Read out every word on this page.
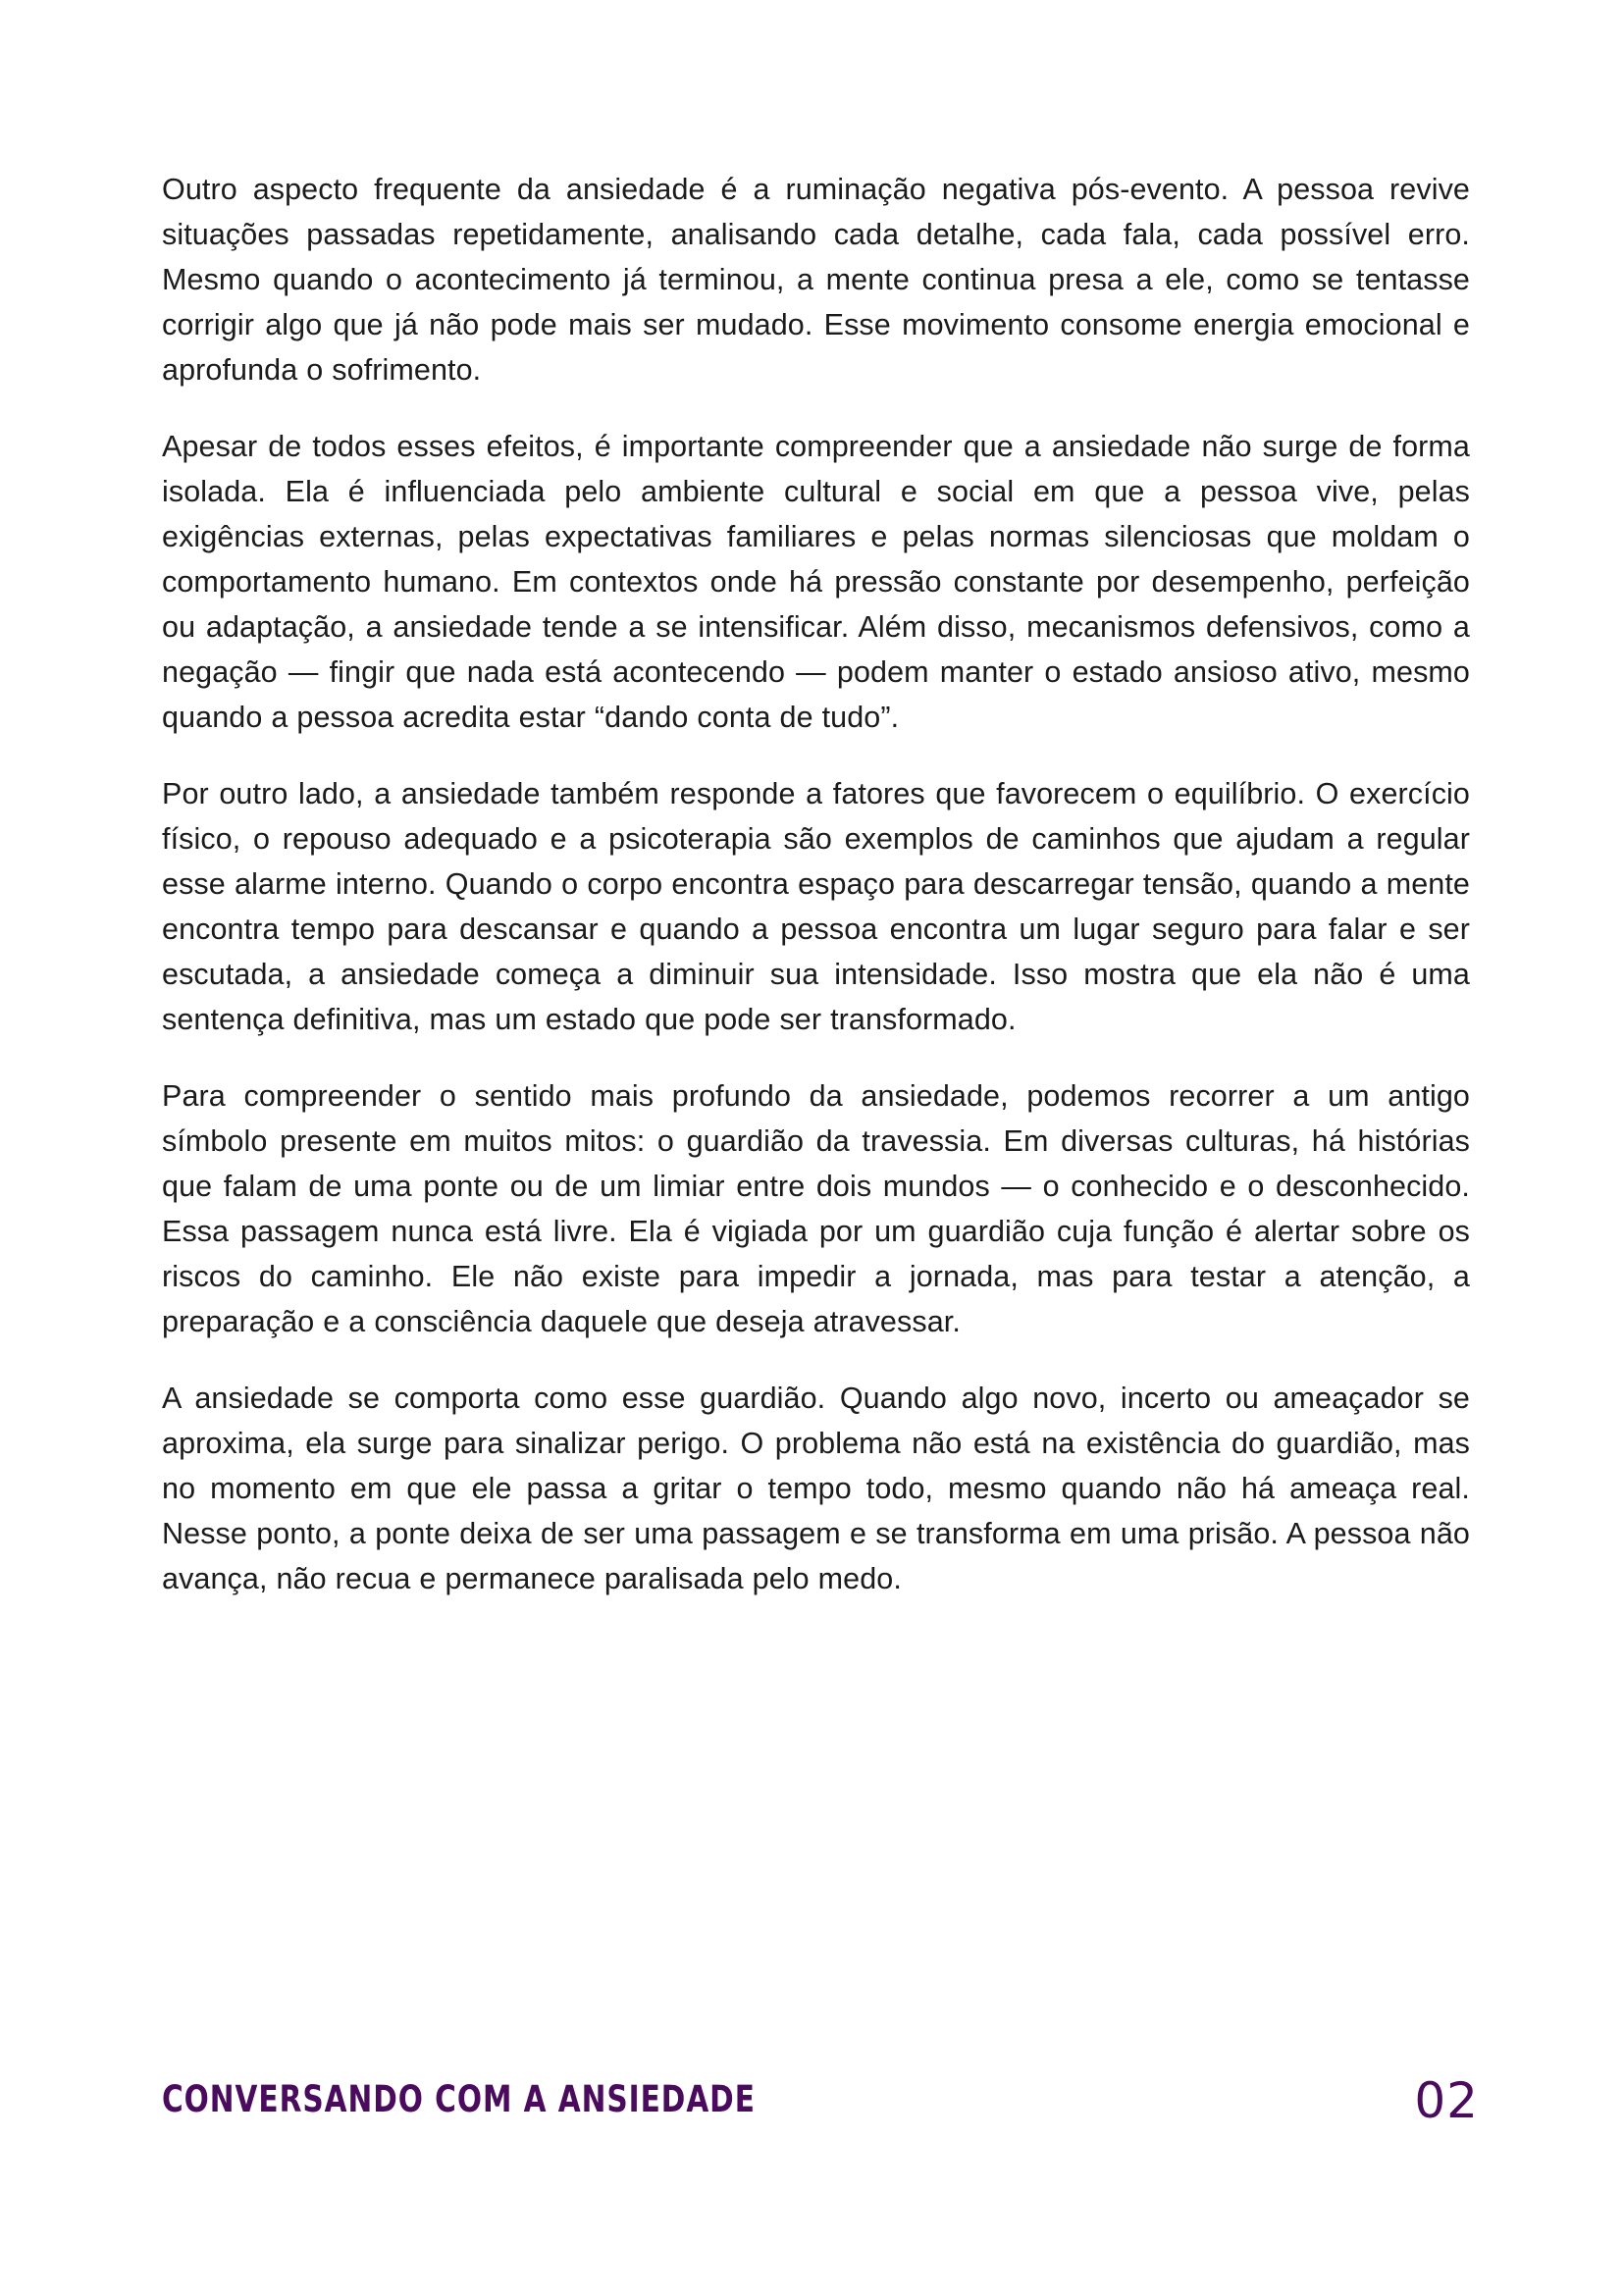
Outro aspecto frequente da ansiedade é a ruminação negativa pós-evento. A pessoa revive situações passadas repetidamente, analisando cada detalhe, cada fala, cada possível erro. Mesmo quando o acontecimento já terminou, a mente continua presa a ele, como se tentasse corrigir algo que já não pode mais ser mudado. Esse movimento consome energia emocional e aprofunda o sofrimento.

Apesar de todos esses efeitos, é importante compreender que a ansiedade não surge de forma isolada. Ela é influenciada pelo ambiente cultural e social em que a pessoa vive, pelas exigências externas, pelas expectativas familiares e pelas normas silenciosas que moldam o comportamento humano. Em contextos onde há pressão constante por desempenho, perfeição ou adaptação, a ansiedade tende a se intensificar. Além disso, mecanismos defensivos, como a negação — fingir que nada está acontecendo — podem manter o estado ansioso ativo, mesmo quando a pessoa acredita estar “dando conta de tudo”.

Por outro lado, a ansiedade também responde a fatores que favorecem o equilíbrio. O exercício físico, o repouso adequado e a psicoterapia são exemplos de caminhos que ajudam a regular esse alarme interno. Quando o corpo encontra espaço para descarregar tensão, quando a mente encontra tempo para descansar e quando a pessoa encontra um lugar seguro para falar e ser escutada, a ansiedade começa a diminuir sua intensidade. Isso mostra que ela não é uma sentença definitiva, mas um estado que pode ser transformado.

Para compreender o sentido mais profundo da ansiedade, podemos recorrer a um antigo símbolo presente em muitos mitos: o guardião da travessia. Em diversas culturas, há histórias que falam de uma ponte ou de um limiar entre dois mundos — o conhecido e o desconhecido. Essa passagem nunca está livre. Ela é vigiada por um guardião cuja função é alertar sobre os riscos do caminho. Ele não existe para impedir a jornada, mas para testar a atenção, a preparação e a consciência daquele que deseja atravessar.

A ansiedade se comporta como esse guardião. Quando algo novo, incerto ou ameaçador se aproxima, ela surge para sinalizar perigo. O problema não está na existência do guardião, mas no momento em que ele passa a gritar o tempo todo, mesmo quando não há ameaça real. Nesse ponto, a ponte deixa de ser uma passagem e se transforma em uma prisão. A pessoa não avança, não recua e permanece paralisada pelo medo.

CONVERSANDO COM A ANSIEDADE	02
